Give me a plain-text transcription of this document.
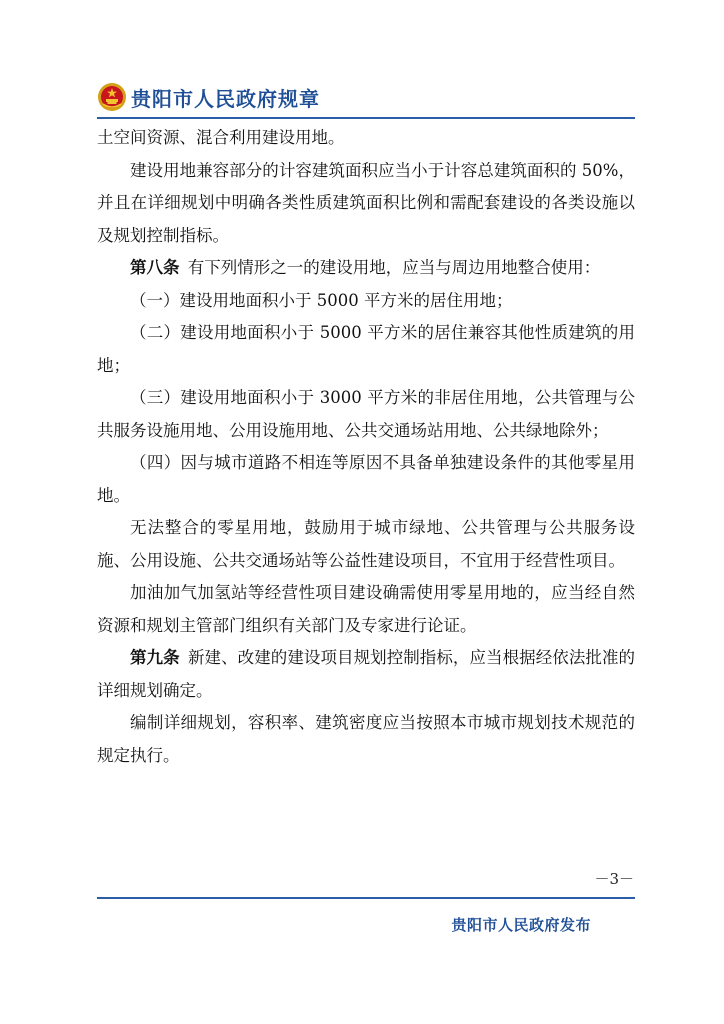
贵阳市人民政府规章

土空间资源、混合利用建设用地。

建设用地兼容部分的计容建筑面积应当小于计容总建筑面积的 50%，并且在详细规划中明确各类性质建筑面积比例和需配套建设的各类设施以及规划控制指标。

第八条  有下列情形之一的建设用地，应当与周边用地整合使用：

（一）建设用地面积小于 5000 平方米的居住用地；

（二）建设用地面积小于 5000 平方米的居住兼容其他性质建筑的用地；

（三）建设用地面积小于 3000 平方米的非居住用地，公共管理与公共服务设施用地、公用设施用地、公共交通场站用地、公共绿地除外；

（四）因与城市道路不相连等原因不具备单独建设条件的其他零星用地。

无法整合的零星用地，鼓励用于城市绿地、公共管理与公共服务设施、公用设施、公共交通场站等公益性建设项目，不宜用于经营性项目。

加油加气加氢站等经营性项目建设确需使用零星用地的，应当经自然资源和规划主管部门组织有关部门及专家进行论证。

第九条  新建、改建的建设项目规划控制指标，应当根据经依法批准的详细规划确定。

编制详细规划，容积率、建筑密度应当按照本市城市规划技术规范的规定执行。

－3－
贵阳市人民政府发布
